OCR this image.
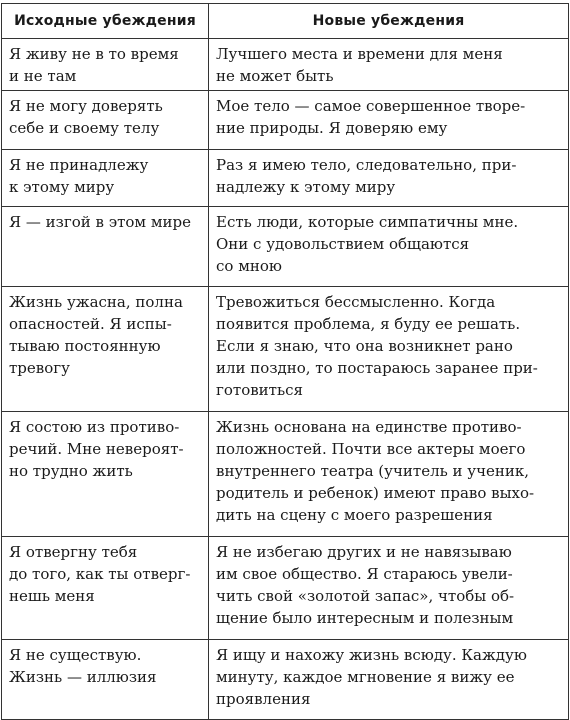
Исходные убеждения	Новые убеждения

Я живу не в то время
и не там	Лучшего места и времени для меня
не может быть

Я не могу доверять
себе и своему телу	Мое тело — самое совершенное творе-
ние природы. Я доверяю ему

Я не принадлежу
к этому миру	Раз я имею тело, следовательно, при-
надлежу к этому миру

Я — изгой в этом мире	Есть люди, которые симпатичны мне.
Они с удовольствием общаются
со мною

Жизнь ужасна, полна
опасностей. Я испы-
тываю постоянную
тревогу	Тревожиться бессмысленно. Когда
появится проблема, я буду ее решать.
Если я знаю, что она возникнет рано
или поздно, то постараюсь заранее при-
готовиться

Я состою из противо-
речий. Мне невероят-
но трудно жить	Жизнь основана на единстве противо-
положностей. Почти все актеры моего
внутреннего театра (учитель и ученик,
родитель и ребенок) имеют право выхо-
дить на сцену с моего разрешения

Я отвергну тебя
до того, как ты отверг-
нешь меня	Я не избегаю других и не навязываю
им свое общество. Я стараюсь увели-
чить свой «золотой запас», чтобы об-
щение было интересным и полезным

Я не существую.
Жизнь — иллюзия	Я ищу и нахожу жизнь всюду. Каждую
минуту, каждое мгновение я вижу ее
проявления
